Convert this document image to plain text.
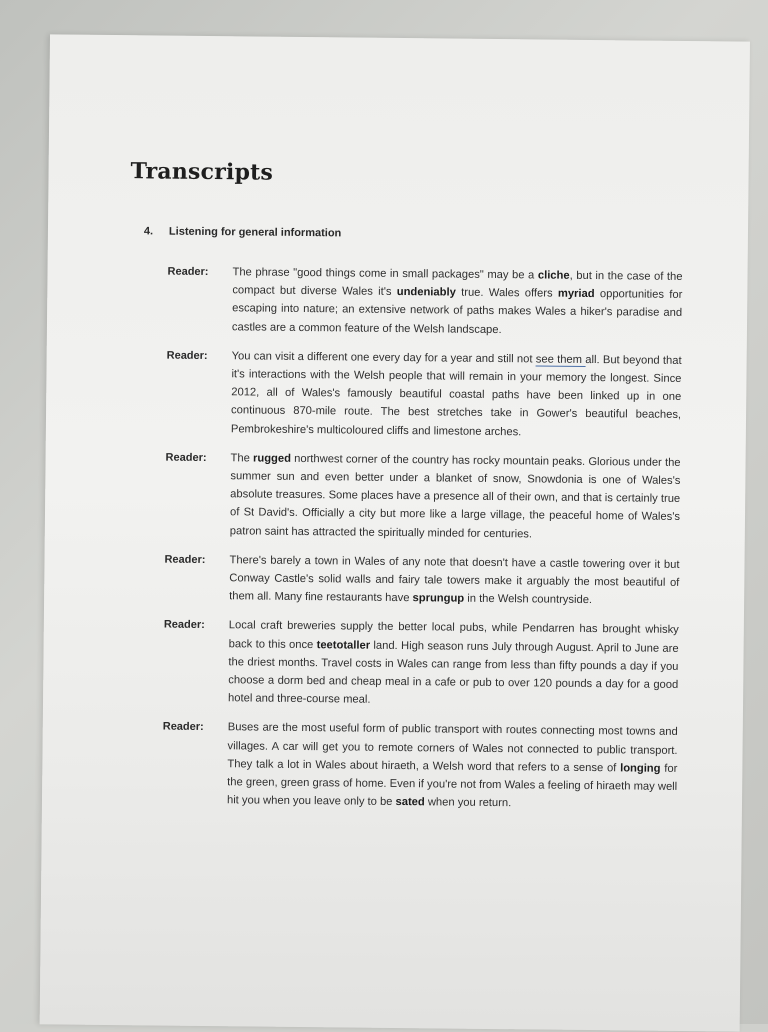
Transcripts
4. Listening for general information
Reader:	The phrase "good things come in small packages" may be a cliche, but in the case of the compact but diverse Wales it's undeniably true. Wales offers myriad opportunities for escaping into nature; an extensive network of paths makes Wales a hiker's paradise and castles are a common feature of the Welsh landscape.
Reader:	You can visit a different one every day for a year and still not see them all. But beyond that it's interactions with the Welsh people that will remain in your memory the longest. Since 2012, all of Wales's famously beautiful coastal paths have been linked up in one continuous 870-mile route. The best stretches take in Gower's beautiful beaches, Pembrokeshire's multicoloured cliffs and limestone arches.
Reader:	The rugged northwest corner of the country has rocky mountain peaks. Glorious under the summer sun and even better under a blanket of snow, Snowdonia is one of Wales's absolute treasures. Some places have a presence all of their own, and that is certainly true of St David's. Officially a city but more like a large village, the peaceful home of Wales's patron saint has attracted the spiritually minded for centuries.
Reader:	There's barely a town in Wales of any note that doesn't have a castle towering over it but Conway Castle's solid walls and fairy tale towers make it arguably the most beautiful of them all. Many fine restaurants have sprungup in the Welsh countryside.
Reader:	Local craft breweries supply the better local pubs, while Pendarren has brought whisky back to this once teetotaller land. High season runs July through August. April to June are the driest months. Travel costs in Wales can range from less than fifty pounds a day if you choose a dorm bed and cheap meal in a cafe or pub to over 120 pounds a day for a good hotel and three-course meal.
Reader:	Buses are the most useful form of public transport with routes connecting most towns and villages. A car will get you to remote corners of Wales not connected to public transport. They talk a lot in Wales about hiraeth, a Welsh word that refers to a sense of longing for the green, green grass of home. Even if you're not from Wales a feeling of hiraeth may well hit you when you leave only to be sated when you return.
